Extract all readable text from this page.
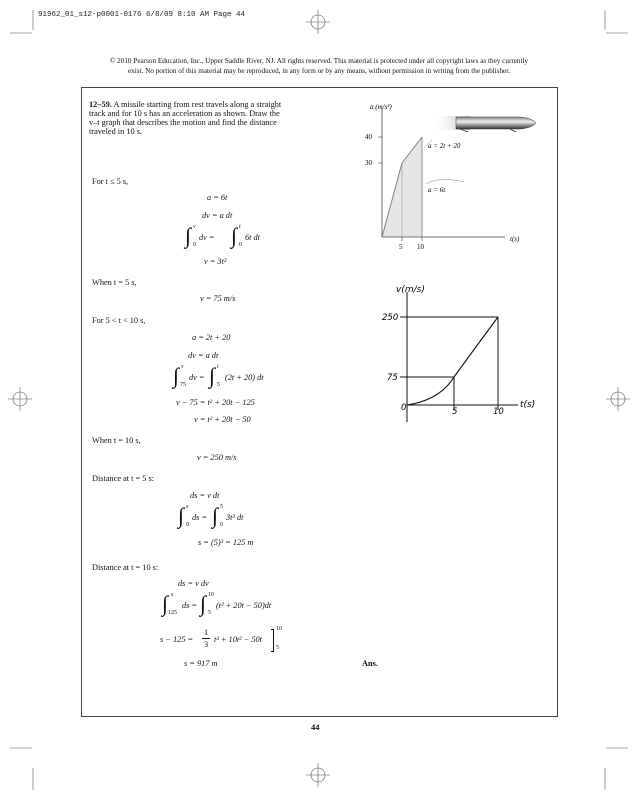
91962_01_s12-p0001-0176 6/8/09 8:10 AM Page 44
© 2010 Pearson Education, Inc., Upper Saddle River, NJ. All rights reserved. This material is protected under all copyright laws as they currently
exist. No portion of this material may be reproduced, in any form or by any means, without permission in writing from the publisher.
12–59. A missile starting from rest travels along a straight
track and for 10 s has an acceleration as shown. Draw the
v–t graph that describes the motion and find the distance
traveled in 10 s.
For t ≤ 5 s,
a = 6t
dv = a dt
∫ v
0
dv = ∫ t
0
6t dt
v = 3t²
When t = 5 s,
v = 75 m/s
For 5 < t < 10 s,
a = 2t + 20
dv = a dt
∫ v
75
dv = ∫ t
5
(2t + 20) dt
v − 75 = t² + 20t − 125
v = t² + 20t − 50
When t = 10 s,
v = 250 m/s
Distance at t = 5 s:
ds = v dt
∫ s
0
ds = ∫ 5
0
3t² dt
s = (5)³ = 125 m
Distance at t = 10 s:
ds = v dv
∫ s
125
ds = ∫ 10
5
(t² + 20t − 50)dt
s − 125 =
1
3
t³ + 10t² − 50t
10
5
s = 917 m	Ans.
a (m/s²)
t(s)
40
30
5 10
a = 2t + 20
a = 6t
v(m/s)
t(s)
250
75
0	5	10
44
